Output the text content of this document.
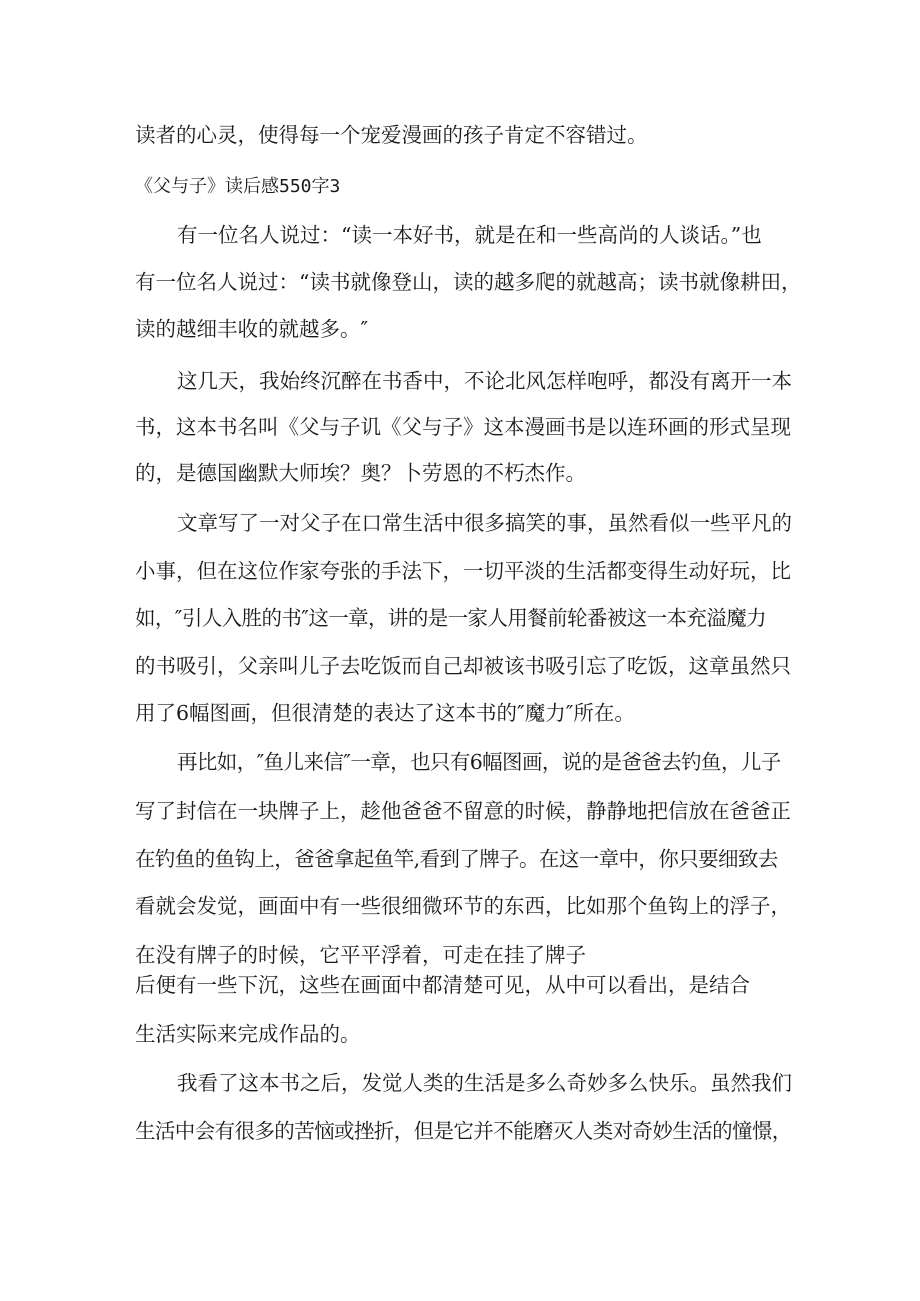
读者的心灵，使得每一个宠爱漫画的孩子肯定不容错过。
《父与子》读后感550字3
有一位名人说过：“读一本好书，就是在和一些高尚的人谈话。”也
有一位名人说过：“读书就像登山，读的越多爬的就越高；读书就像耕田，
读的越细丰收的就越多。″
这几天，我始终沉醉在书香中，不论北风怎样咆呼，都没有离开一本
书，这本书名叫《父与子讥《父与子》这本漫画书是以连环画的形式呈现
的，是德国幽默大师埃？奥？卜劳恩的不朽杰作。
文章写了一对父子在口常生活中很多搞笑的事，虽然看似一些平凡的
小事，但在这位作家夸张的手法下，一切平淡的生活都变得生动好玩，比
如，″引人入胜的书″这一章，讲的是一家人用餐前轮番被这一本充溢魔力
的书吸引，父亲叫儿子去吃饭而自己却被该书吸引忘了吃饭，这章虽然只
用了6幅图画，但很清楚的表达了这本书的″魔力″所在。
再比如，″鱼儿来信″一章，也只有6幅图画，说的是爸爸去钓鱼，儿子
写了封信在一块牌子上，趁他爸爸不留意的时候，静静地把信放在爸爸正
在钓鱼的鱼钩上，爸爸拿起鱼竿,看到了牌子。在这一章中，你只要细致去
看就会发觉，画面中有一些很细微环节的东西，比如那个鱼钩上的浮子，
在没有牌子的时候，它平平浮着，可走在挂了牌子
后便有一些下沉，这些在画面中都清楚可见，从中可以看出，是结合
生活实际来完成作品的。
我看了这本书之后，发觉人类的生活是多么奇妙多么快乐。虽然我们
生活中会有很多的苦恼或挫折，但是它并不能磨灭人类对奇妙生活的憧憬，
